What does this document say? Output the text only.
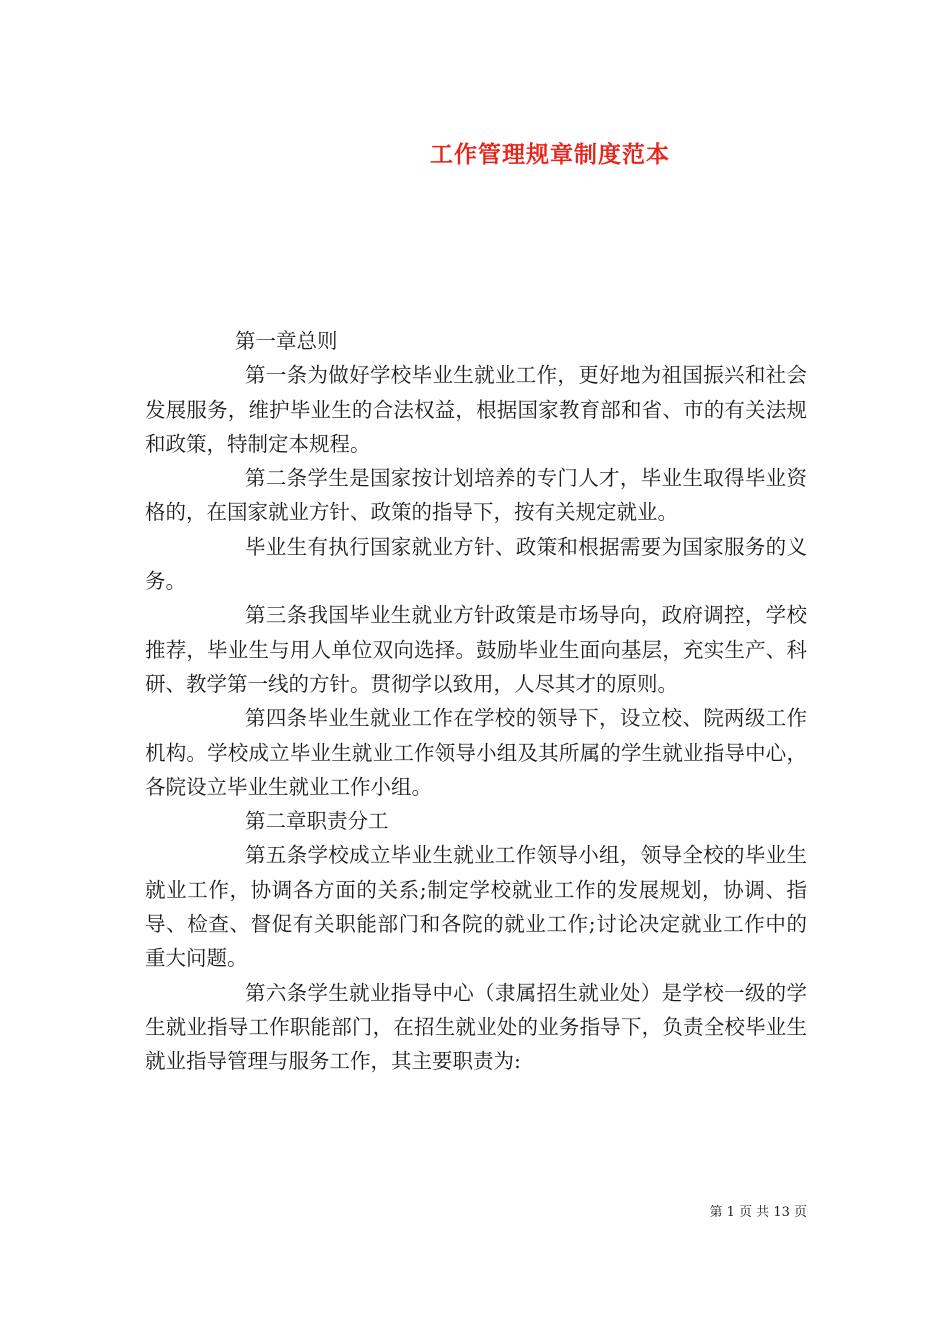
工作管理规章制度范本

第一章总则

第一条为做好学校毕业生就业工作，更好地为祖国振兴和社会发展服务，维护毕业生的合法权益，根据国家教育部和省、市的有关法规和政策，特制定本规程。

第二条学生是国家按计划培养的专门人才，毕业生取得毕业资格的，在国家就业方针、政策的指导下，按有关规定就业。

毕业生有执行国家就业方针、政策和根据需要为国家服务的义务。

第三条我国毕业生就业方针政策是市场导向，政府调控，学校推荐，毕业生与用人单位双向选择。鼓励毕业生面向基层，充实生产、科研、教学第一线的方针。贯彻学以致用，人尽其才的原则。

第四条毕业生就业工作在学校的领导下，设立校、院两级工作机构。学校成立毕业生就业工作领导小组及其所属的学生就业指导中心，各院设立毕业生就业工作小组。

第二章职责分工

第五条学校成立毕业生就业工作领导小组，领导全校的毕业生就业工作，协调各方面的关系;制定学校就业工作的发展规划，协调、指导、检查、督促有关职能部门和各院的就业工作;讨论决定就业工作中的重大问题。

第六条学生就业指导中心（隶属招生就业处）是学校一级的学生就业指导工作职能部门，在招生就业处的业务指导下，负责全校毕业生就业指导管理与服务工作，其主要职责为:

第 1 页 共 13 页
